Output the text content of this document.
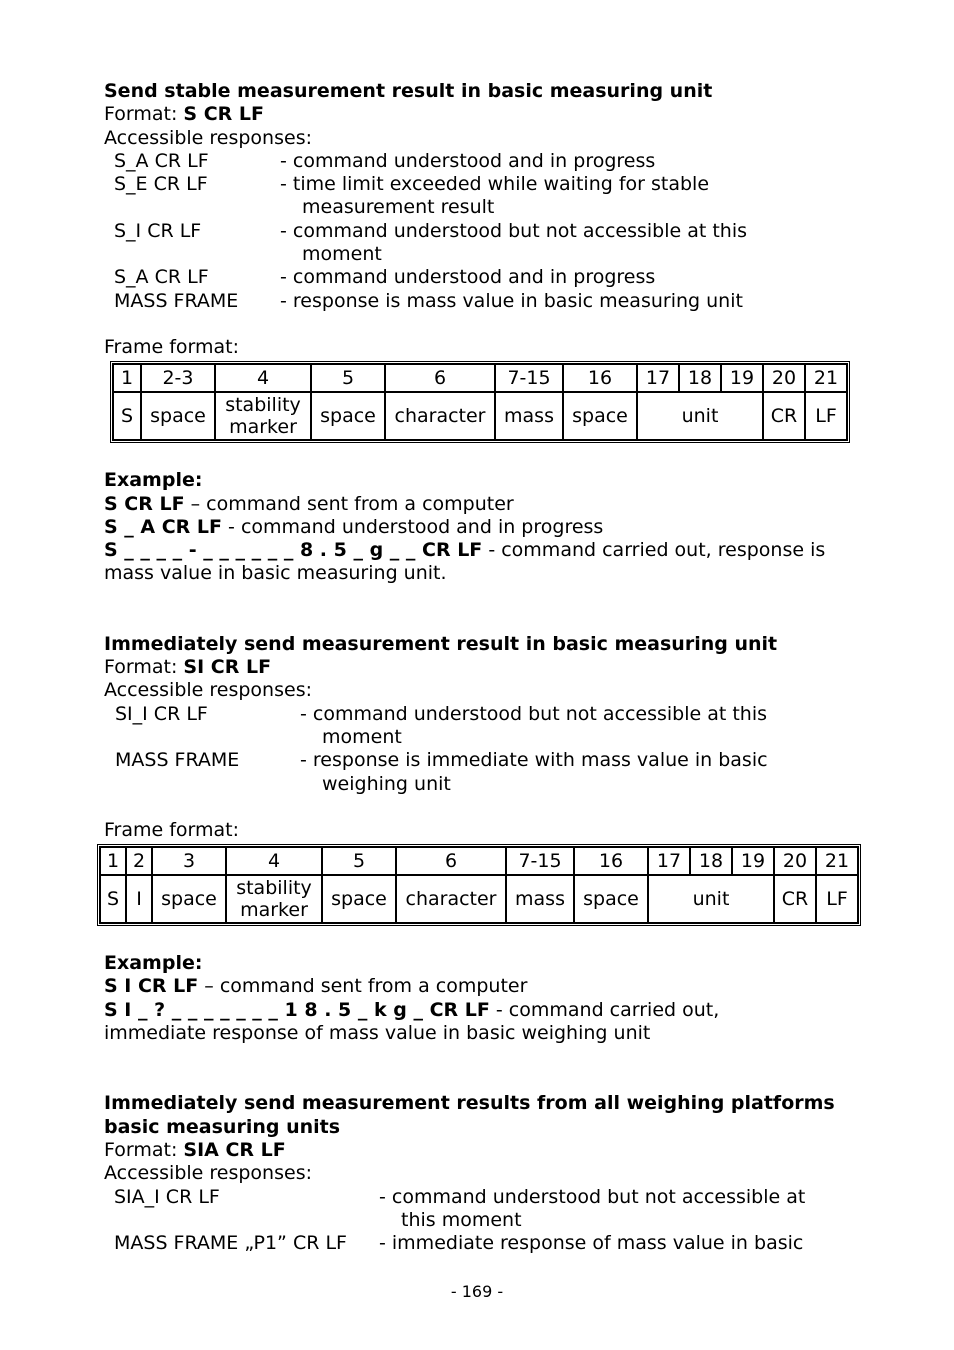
Send stable measurement result in basic measuring unit
Format: S CR LF
Accessible responses:
S_A CR LF	- command understood and in progress
S_E CR LF	- time limit exceeded while waiting for stable
measurement result
S_I CR LF	- command understood but not accessible at this
moment
S_A CR LF	- command understood and in progress
MASS FRAME - response is mass value in basic measuring unit
Frame format:
1	2-3	4	5	6	7-15	16	17	18	19	20	21
S	space	stability marker	space	character	mass	space	unit			CR	LF
Example:
S CR LF – command sent from a computer
S _ A CR LF - command understood and in progress
S _ _ _ _ - _ _ _ _ _ _ 8 . 5 _ g _ _ CR LF - command carried out, response is mass value in basic measuring unit.
Immediately send measurement result in basic measuring unit
Format: SI CR LF
Accessible responses:
SI_I CR LF	- command understood but not accessible at this
moment
MASS FRAME	- response is immediate with mass value in basic
weighing unit
Frame format:
1	2	3	4	5	6	7-15	16	17	18	19	20	21
S	I	space	stability marker	space	character	mass	space	unit			CR	LF
Example:
S I CR LF – command sent from a computer
S I _ ? _ _ _ _ _ _ _ 1 8 . 5 _ k g _ CR LF - command carried out, immediate response of mass value in basic weighing unit
Immediately send measurement results from all weighing platforms basic measuring units
Format: SIA CR LF
Accessible responses:
SIA_I CR LF	- command understood but not accessible at
this moment
MASS FRAME „P1” CR LF - immediate response of mass value in basic
- 169 -
